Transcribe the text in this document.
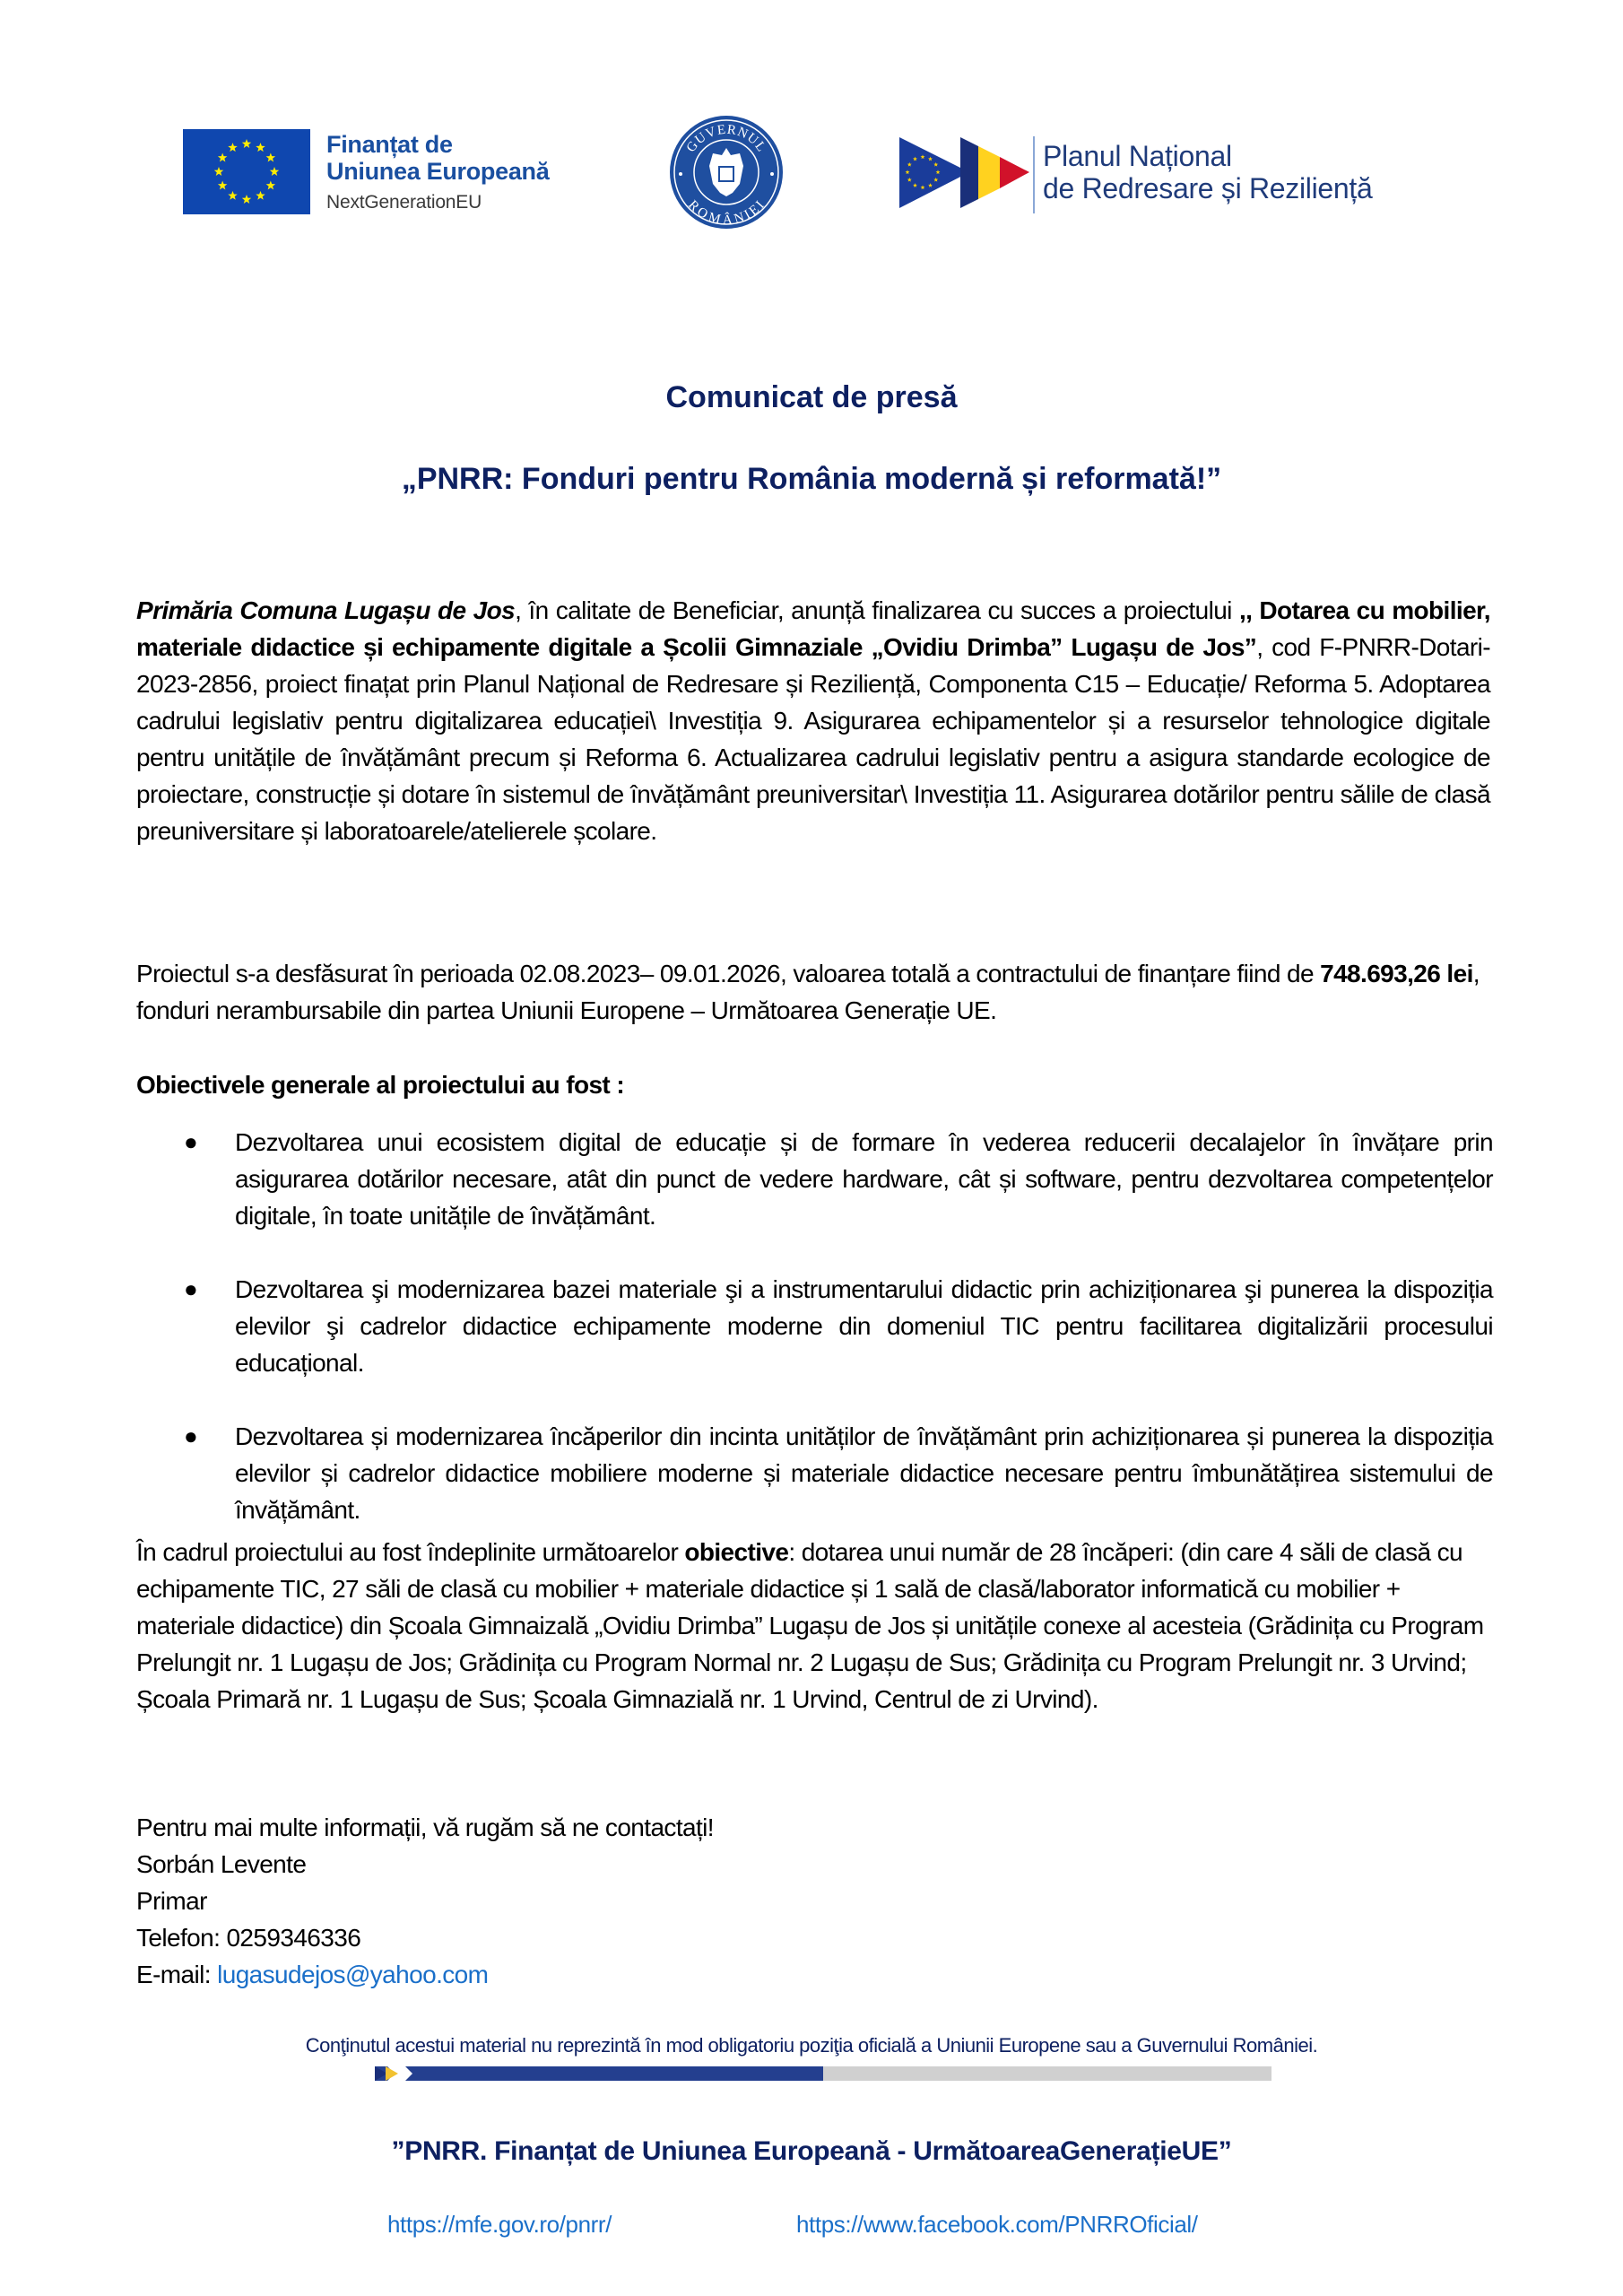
Finanțat de
Uniunea Europeană
NextGenerationEU
GUVERNUL
ROMÂNIEI
Planul Național
de Redresare și Reziliență
Comunicat de presă
„PNRR: Fonduri pentru România modernă și reformată!”
Primăria Comuna Lugașu de Jos, în calitate de Beneficiar, anunță finalizarea cu succes a proiectului ,, Dotarea cu mobilier, materiale didactice și echipamente digitale a Școlii Gimnaziale „Ovidiu Drimba” Lugașu de Jos”, cod F-PNRR-Dotari- 2023-2856, proiect finațat prin Planul Național de Redresare și Reziliență, Componenta C15 – Educație/ Reforma 5. Adoptarea cadrului legislativ pentru digitalizarea educației\ Investiția 9. Asigurarea echipamentelor și a resurselor tehnologice digitale pentru unitățile de învățământ precum și Reforma 6. Actualizarea cadrului legislativ pentru a asigura standarde ecologice de proiectare, construcție și dotare în sistemul de învățământ preuniversitar\ Investiția 11. Asigurarea dotărilor pentru sălile de clasă preuniversitare și laboratoarele/atelierele școlare.
Proiectul s-a desfăsurat în perioada 02.08.2023– 09.01.2026, valoarea totală a contractului de finanțare fiind de 748.693,26 lei, fonduri nerambursabile din partea Uniunii Europene – Următoarea Generație UE.
Obiectivele generale al proiectului au fost :
● Dezvoltarea unui ecosistem digital de educație și de formare în vederea reducerii decalajelor în învățare prin asigurarea dotărilor necesare, atât din punct de vedere hardware, cât și software, pentru dezvoltarea competențelor digitale, în toate unitățile de învățământ.
● Dezvoltarea şi modernizarea bazei materiale şi a instrumentarului didactic prin achiziționarea şi punerea la dispoziția elevilor şi cadrelor didactice echipamente moderne din domeniul TIC pentru facilitarea digitalizării procesului educațional.
● Dezvoltarea și modernizarea încăperilor din incinta unităților de învățământ prin achiziționarea și punerea la dispoziția elevilor și cadrelor didactice mobiliere moderne și materiale didactice necesare pentru îmbunătățirea sistemului de învățământ.
În cadrul proiectului au fost îndeplinite următoarelor obiective: dotarea unui număr de 28 încăperi: (din care 4 săli de clasă cu echipamente TIC, 27 săli de clasă cu mobilier + materiale didactice și 1 sală de clasă/laborator informatică cu mobilier + materiale didactice) din Școala Gimnaizală „Ovidiu Drimba” Lugașu de Jos și unitățile conexe al acesteia (Grădinița cu Program Prelungit nr. 1 Lugașu de Jos; Grădinița cu Program Normal nr. 2 Lugașu de Sus; Grădinița cu Program Prelungit nr. 3 Urvind; Școala Primară nr. 1 Lugașu de Sus; Școala Gimnazială nr. 1 Urvind, Centrul de zi Urvind).
Pentru mai multe informații, vă rugăm să ne contactați!
Sorbán Levente
Primar
Telefon: 0259346336
E-mail: lugasudejos@yahoo.com
Conţinutul acestui material nu reprezintă în mod obligatoriu poziţia oficială a Uniunii Europene sau a Guvernului României.
”PNRR. Finanțat de Uniunea Europeană - UrmătoareaGenerațieUE”
https://mfe.gov.ro/pnrr/	https://www.facebook.com/PNRROficial/
